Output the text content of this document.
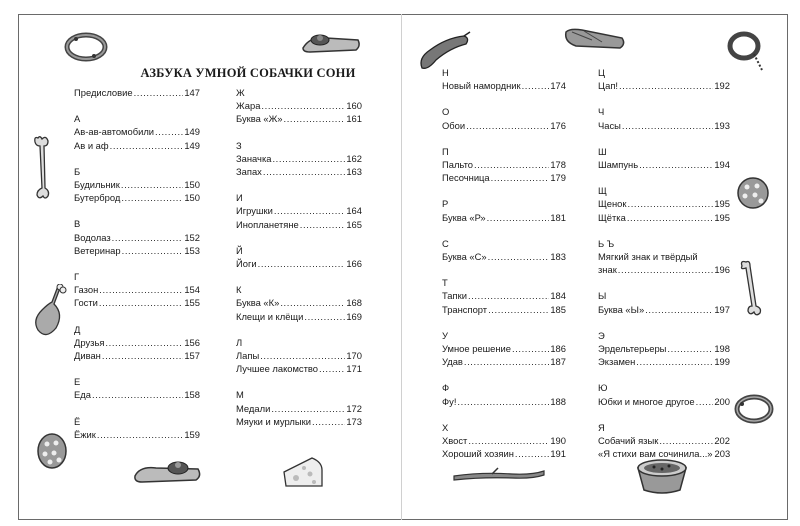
АЗБУКА УМНОЙ СОБАЧКИ СОНИ
Предисловие .....	147
А
Ав-ав-автомобили .....	149
Ав и аф .....	149
Б
Будильник .....	150
Бутерброд .....	150
В
Водолаз .....	152
Ветеринар .....	153
Г
Газон .....	154
Гости .....	155
Д
Друзья .....	156
Диван .....	157
Е
Еда .....	158
Ё
Ёжик .....	159
Ж
Жара .....	160
Буква «Ж» .....	161
З
Заначка .....	162
Запах .....	163
И
Игрушки .....	164
Инопланетяне .....	165
Й
Йоги .....	166
К
Буква «К» .....	168
Клещи и клёщи .....	169
Л
Лапы .....	170
Лучшее лакомство .....	171
М
Медали .....	172
Мяуки и мурлыки .....	173
Н
Новый намордник .....	174
О
Обои .....	176
П
Пальто .....	178
Песочница .....	179
Р
Буква «Р» .....	181
С
Буква «С» .....	183
Т
Тапки .....	184
Транспорт .....	185
У
Умное решение .....	186
Удав .....	187
Ф
Фу! .....	188
Х
Хвост .....	190
Хороший хозяин .....	191
Ц
Цап! .....	192
Ч
Часы .....	193
Ш
Шампунь .....	194
Щ
Щенок .....	195
Щётка .....	195
Ь Ъ
Мягкий знак и твёрдый
знак .....	196
Ы
Буква «Ы» .....	197
Э
Эрдельтерьеры .....	198
Экзамен .....	199
Ю
Юбки и многое другое ..... 200
Я
Собачий язык .....	202
«Я стихи вам сочинила...» 203
